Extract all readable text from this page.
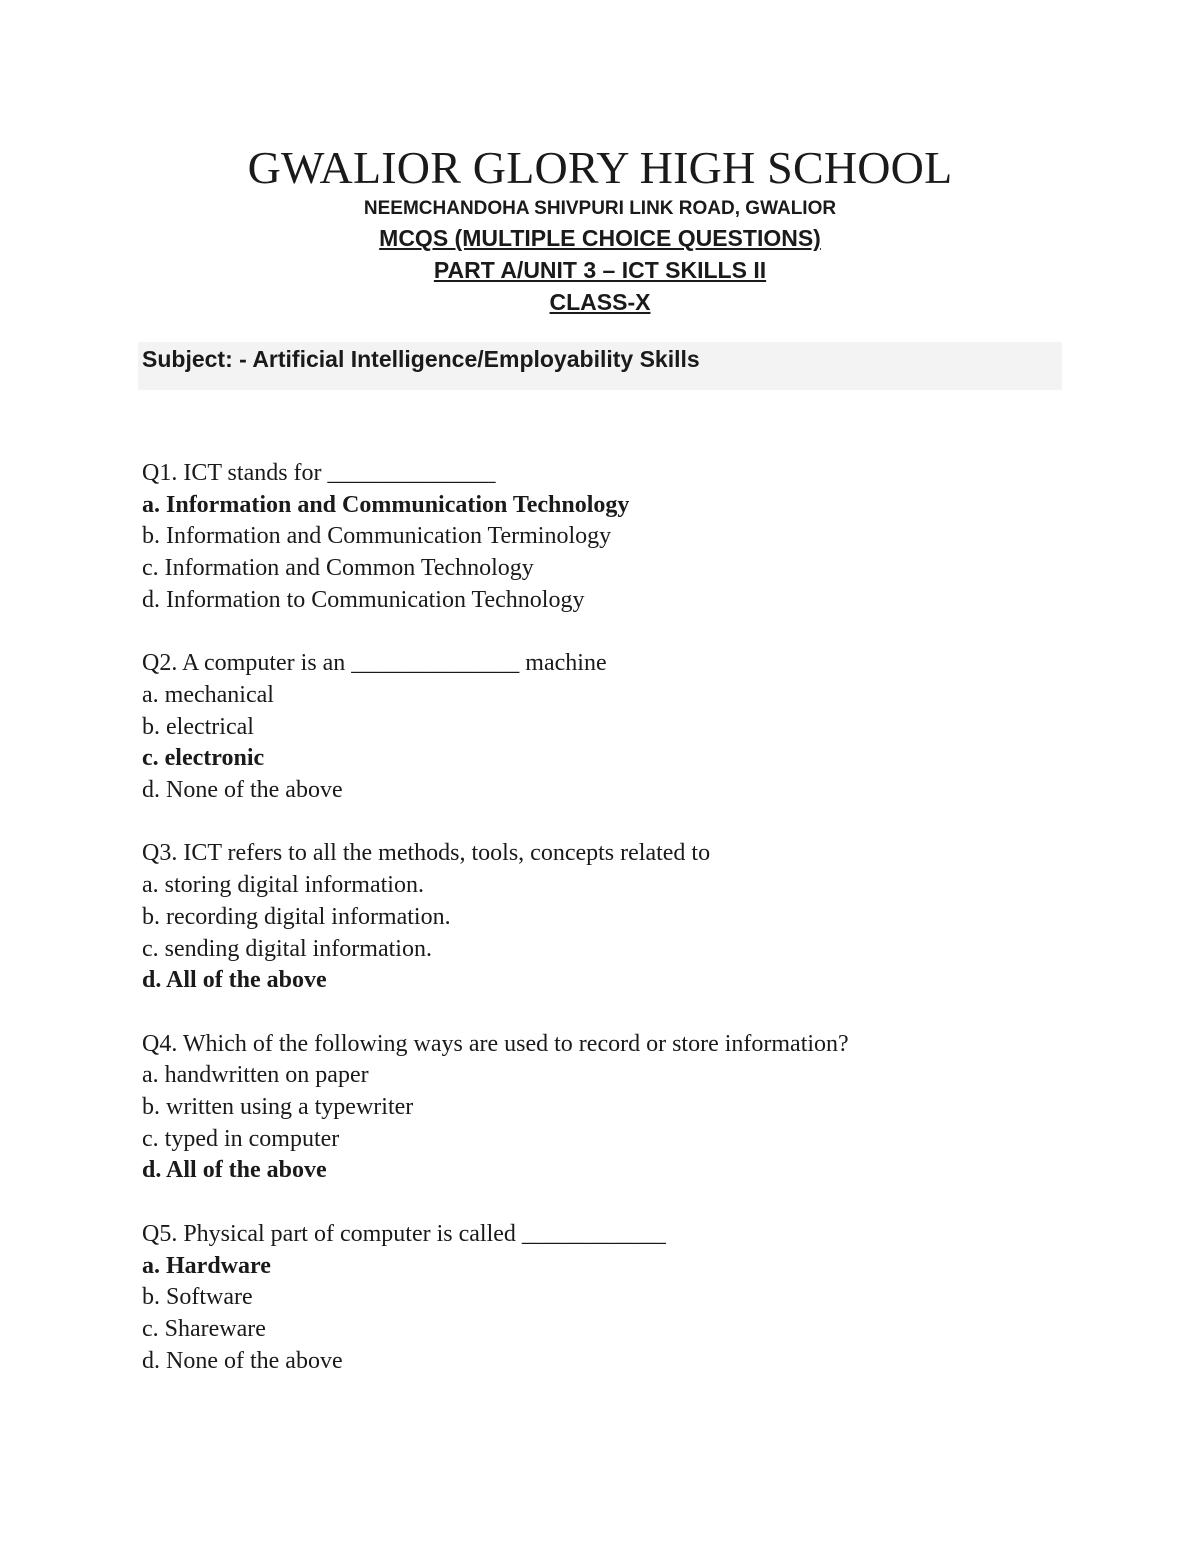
GWALIOR GLORY HIGH SCHOOL

NEEMCHANDOHA SHIVPURI LINK ROAD, GWALIOR

MCQS (MULTIPLE CHOICE QUESTIONS)

PART A/UNIT 3 – ICT SKILLS II

CLASS-X

Subject: - Artificial Intelligence/Employability Skills

Q1. ICT stands for ______________

a. Information and Communication Technology

b. Information and Communication Terminology

c. Information and Common Technology

d. Information to Communication Technology

Q2. A computer is an ______________ machine

a. mechanical

b. electrical

c. electronic

d. None of the above

Q3. ICT refers to all the methods, tools, concepts related to

a. storing digital information.

b. recording digital information.

c. sending digital information.

d. All of the above

Q4. Which of the following ways are used to record or store information?

a. handwritten on paper

b. written using a typewriter

c. typed in computer

d. All of the above

Q5. Physical part of computer is called ____________

a. Hardware

b. Software

c. Shareware

d. None of the above
